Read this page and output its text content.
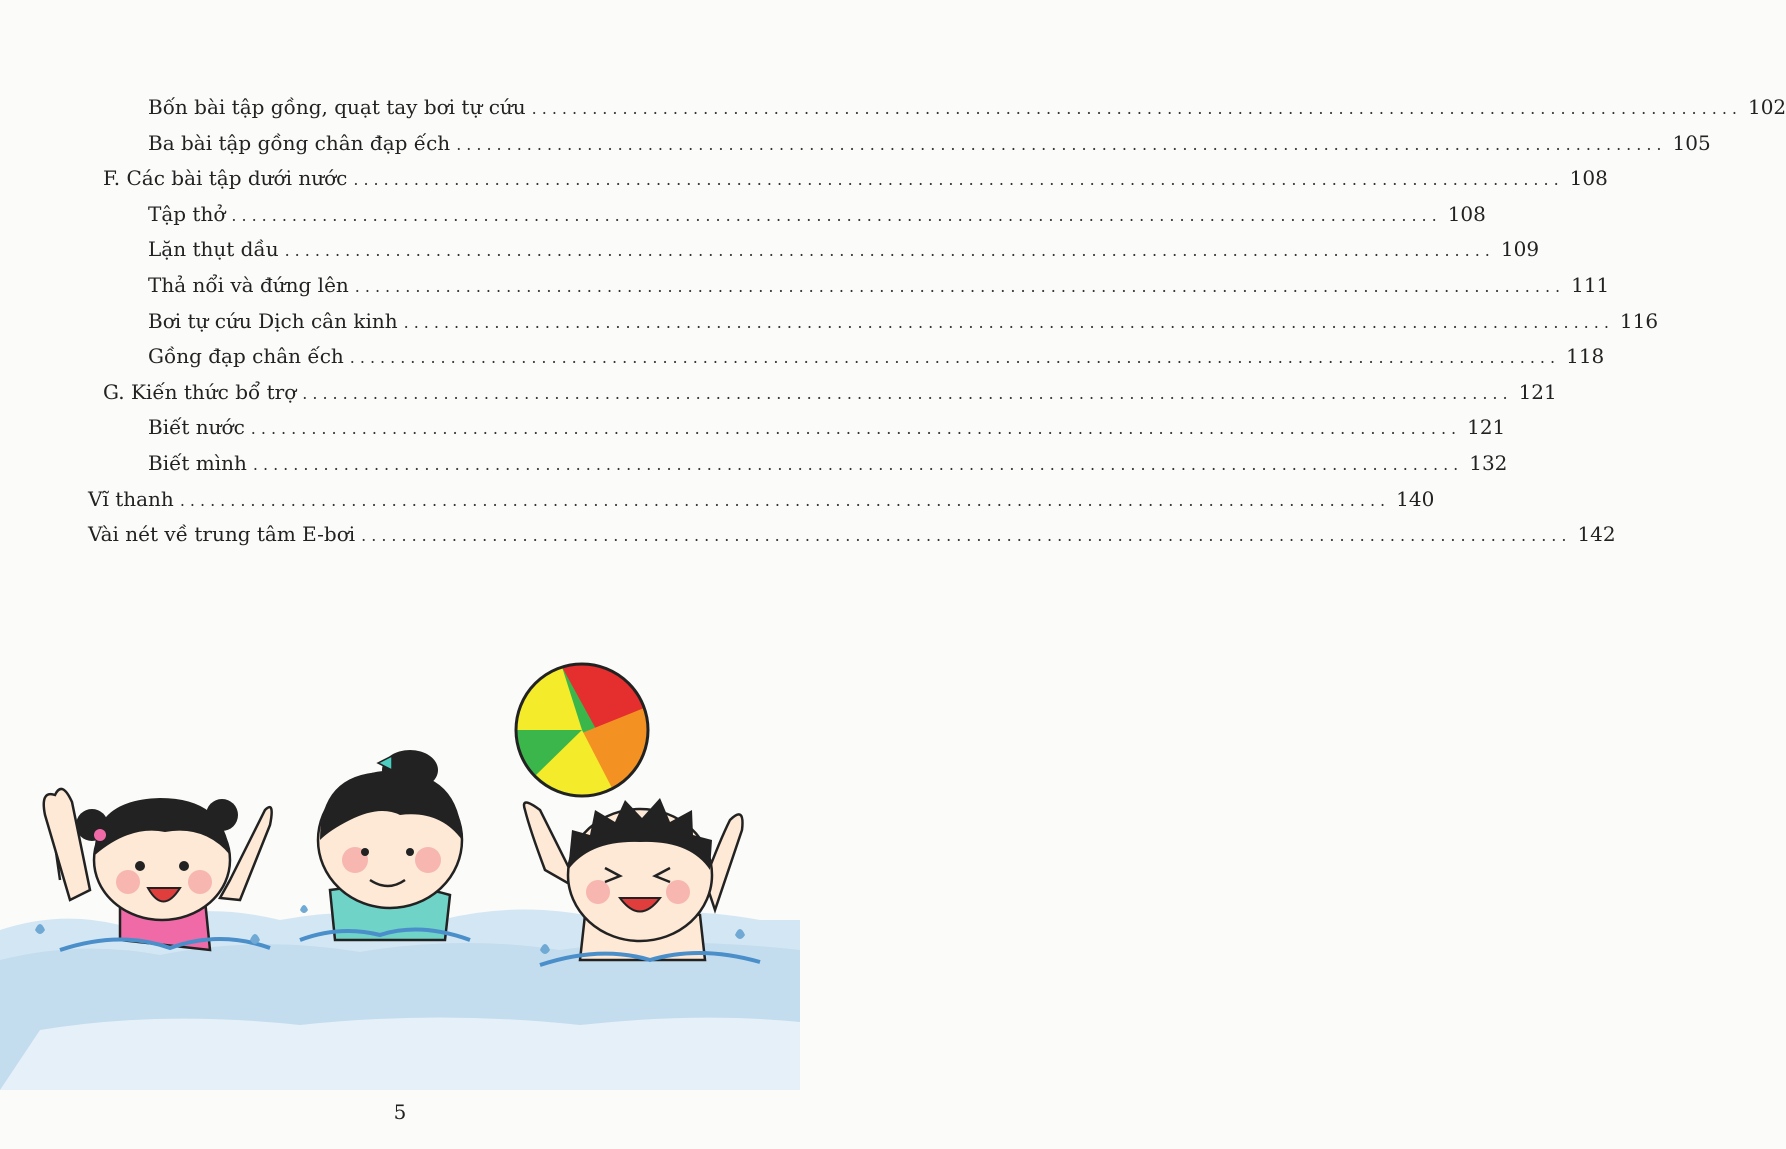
Bốn bài tập gồng, quạt tay bơi tự cứu ........................................................................................................................ 102
Ba bài tập gồng chân đạp ếch ........................................................................................................................ 105
F. Các bài tập dưới nước ........................................................................................................................ 108
Tập thở ........................................................................................................................ 108
Lặn thụt dầu ........................................................................................................................ 109
Thả nổi và đứng lên ........................................................................................................................ 111
Bơi tự cứu Dịch cân kinh ........................................................................................................................ 116
Gồng đạp chân ếch ........................................................................................................................ 118
G. Kiến thức bổ trợ ........................................................................................................................ 121
Biết nước ........................................................................................................................ 121
Biết mình ........................................................................................................................ 132
Vĩ thanh ........................................................................................................................ 140
Vài nét về trung tâm E-bơi ........................................................................................................................ 142
5
